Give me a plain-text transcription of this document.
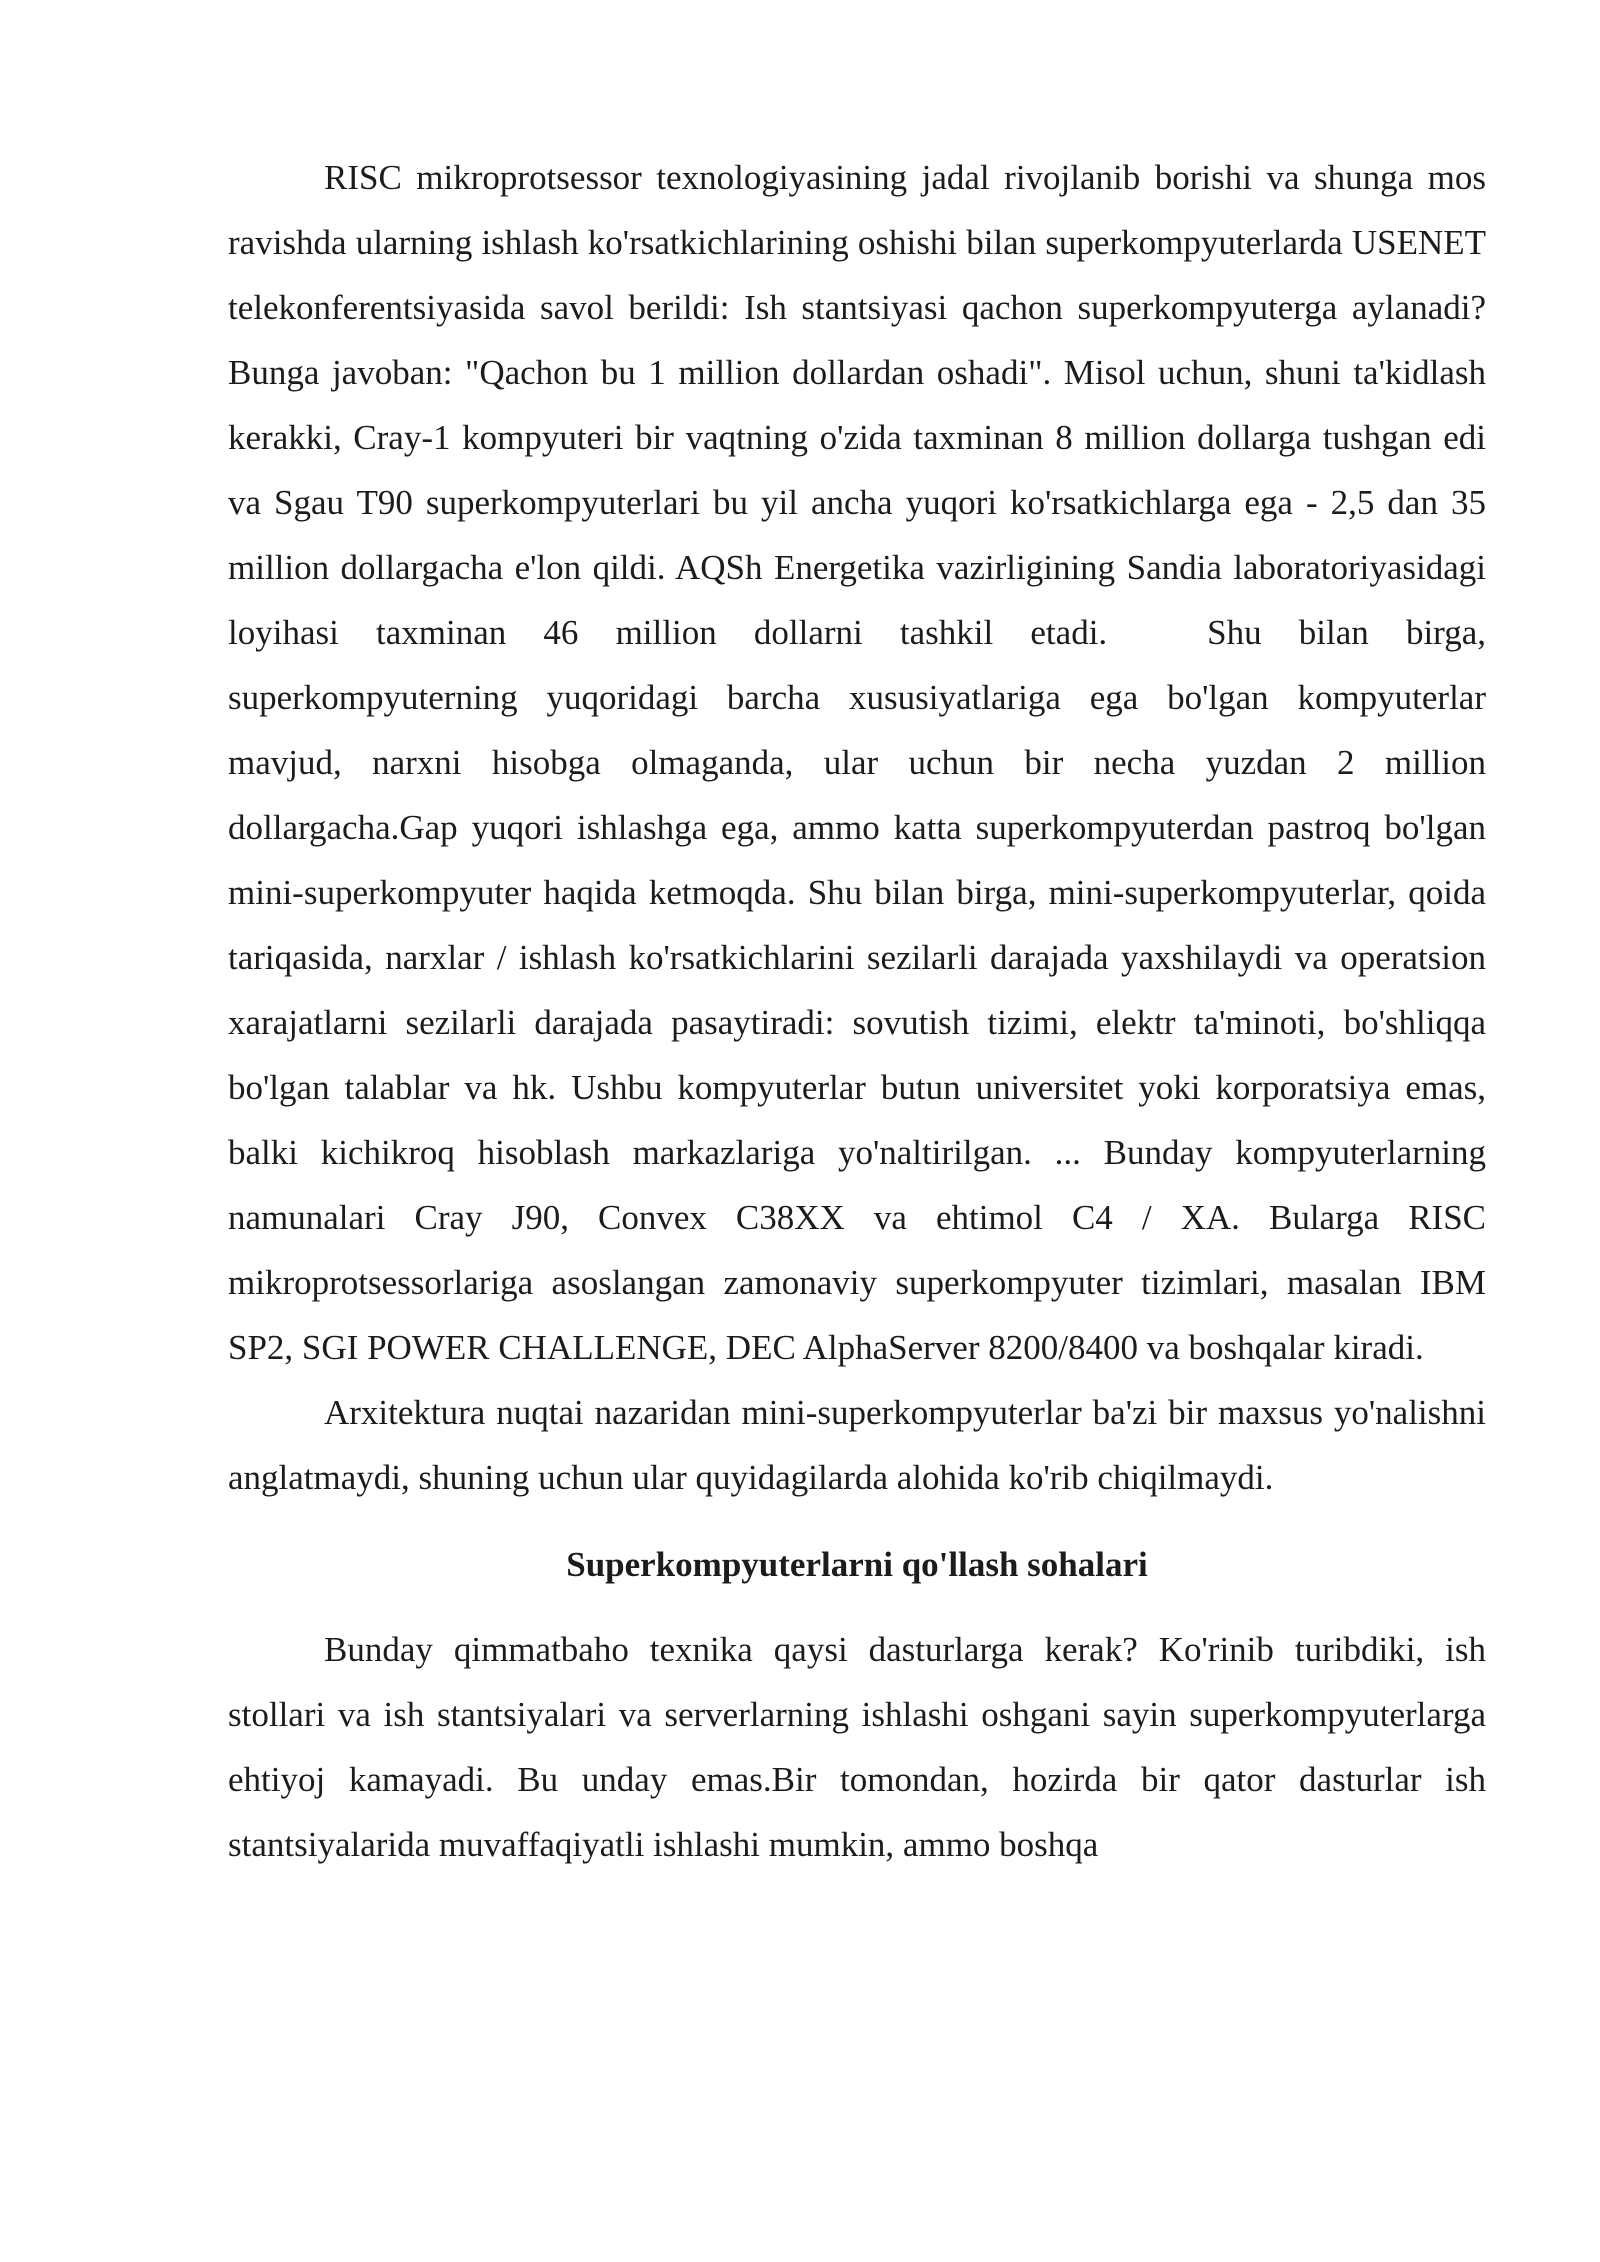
RISC mikroprotsessor texnologiyasining jadal rivojlanib borishi va shunga mos ravishda ularning ishlash ko'rsatkichlarining oshishi bilan superkompyuterlarda USENET telekonferentsiyasida savol berildi: Ish stantsiyasi qachon superkompyuterga aylanadi? Bunga javoban: "Qachon bu 1 million dollardan oshadi". Misol uchun, shuni ta'kidlash kerakki, Cray-1 kompyuteri bir vaqtning o'zida taxminan 8 million dollarga tushgan edi va Sgau T90 superkompyuterlari bu yil ancha yuqori ko'rsatkichlarga ega - 2,5 dan 35 million dollargacha e'lon qildi. AQSh Energetika vazirligining Sandia laboratoriyasidagi loyihasi taxminan 46 million dollarni tashkil etadi.	Shu bilan birga, superkompyuterning yuqoridagi barcha xususiyatlariga ega bo'lgan kompyuterlar mavjud, narxni hisobga olmaganda, ular uchun bir necha yuzdan 2 million dollargacha.Gap yuqori ishlashga ega, ammo katta superkompyuterdan pastroq bo'lgan mini-superkompyuter haqida ketmoqda. Shu bilan birga, mini-superkompyuterlar, qoida tariqasida, narxlar / ishlash ko'rsatkichlarini sezilarli darajada yaxshilaydi va operatsion xarajatlarni sezilarli darajada pasaytiradi: sovutish tizimi, elektr ta'minoti, bo'shliqqa bo'lgan talablar va hk. Ushbu kompyuterlar butun universitet yoki korporatsiya emas, balki kichikroq hisoblash markazlariga yo'naltirilgan. ... Bunday kompyuterlarning namunalari Cray J90, Convex C38XX va ehtimol C4 / XA. Bularga RISC mikroprotsessorlariga asoslangan zamonaviy superkompyuter tizimlari, masalan IBM SP2, SGI POWER CHALLENGE, DEC AlphaServer 8200/8400 va boshqalar kiradi.

Arxitektura nuqtai nazaridan mini-superkompyuterlar ba'zi bir maxsus yo'nalishni anglatmaydi, shuning uchun ular quyidagilarda alohida ko'rib chiqilmaydi.

Superkompyuterlarni qo'llash sohalari

Bunday qimmatbaho texnika qaysi dasturlarga kerak? Ko'rinib turibdiki, ish stollari va ish stantsiyalari va serverlarning ishlashi oshgani sayin superkompyuterlarga ehtiyoj kamayadi. Bu unday emas.Bir tomondan, hozirda bir qator dasturlar ish stantsiyalarida muvaffaqiyatli ishlashi mumkin, ammo boshqa
